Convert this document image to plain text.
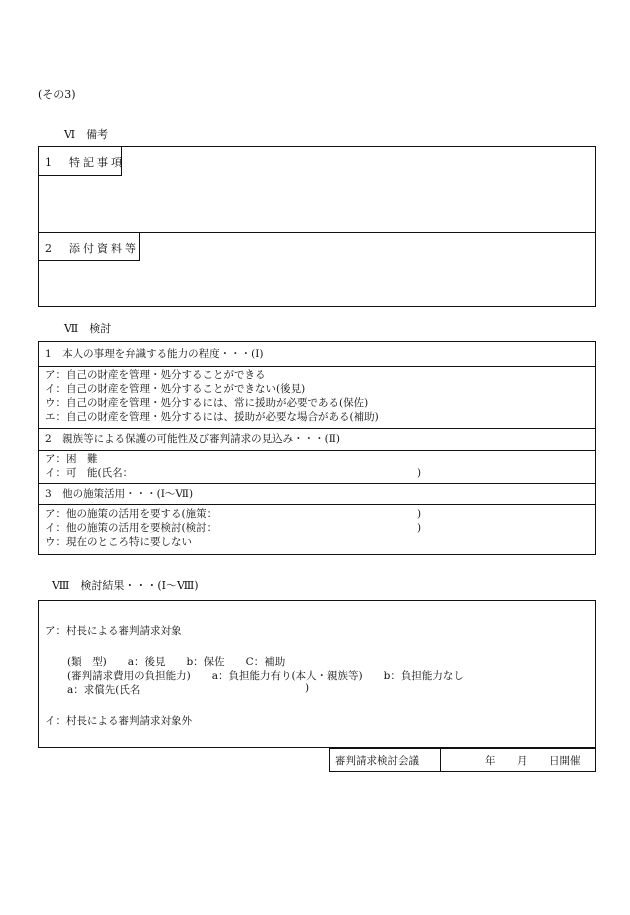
(その3)
Ⅵ　備考
1　特記事項
2　添付資料等
Ⅶ　検討
1　本人の事理を弁識する能力の程度・・・(Ⅰ)
ア：自己の財産を管理・処分することができる
イ：自己の財産を管理・処分することができない(後見)
ウ：自己の財産を管理・処分するには、常に援助が必要である(保佐)
エ：自己の財産を管理・処分するには、援助が必要な場合がある(補助)
2　親族等による保護の可能性及び審判請求の見込み・・・(Ⅱ)
ア：困　難
イ：可　能(氏名：	)
3　他の施策活用・・・(Ⅰ～Ⅶ)
ア：他の施策の活用を要する(施策：	)
イ：他の施策の活用を要検討(検討：	)
ウ：現在のところ特に要しない
Ⅷ　検討結果・・・(Ⅰ～Ⅷ)
ア：村長による審判請求対象
(類　型)　　a：後見　　b：保佐　　C：補助
(審判請求費用の負担能力)　　a：負担能力有り(本人・親族等)　　b：負担能力なし
a：求償先(氏名	)
イ：村長による審判請求対象外
審判請求検討会議	年	月	日開催
